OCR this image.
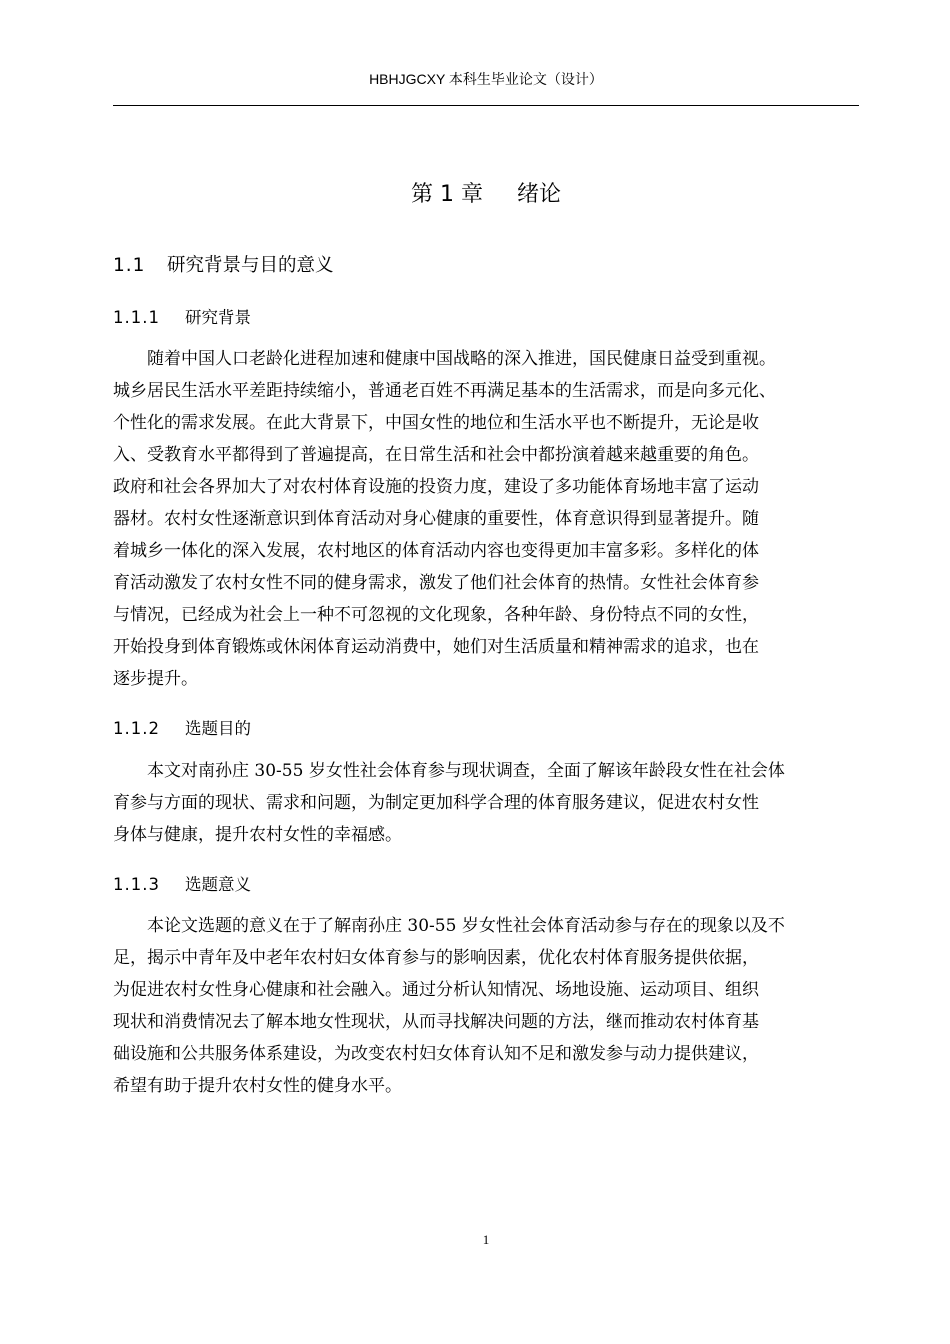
HBHJGCXY 本科生毕业论文（设计）
第 1 章 绪论
1.1 研究背景与目的意义
1.1.1 研究背景
随着中国人口老龄化进程加速和健康中国战略的深入推进，国民健康日益受到重视。
城乡居民生活水平差距持续缩小，普通老百姓不再满足基本的生活需求，而是向多元化、
个性化的需求发展。在此大背景下，中国女性的地位和生活水平也不断提升，无论是收
入、受教育水平都得到了普遍提高，在日常生活和社会中都扮演着越来越重要的角色。
政府和社会各界加大了对农村体育设施的投资力度，建设了多功能体育场地丰富了运动
器材。农村女性逐渐意识到体育活动对身心健康的重要性，体育意识得到显著提升。随
着城乡一体化的深入发展，农村地区的体育活动内容也变得更加丰富多彩。多样化的体
育活动激发了农村女性不同的健身需求，激发了他们社会体育的热情。女性社会体育参
与情况，已经成为社会上一种不可忽视的文化现象，各种年龄、身份特点不同的女性，
开始投身到体育锻炼或休闲体育运动消费中，她们对生活质量和精神需求的追求，也在
逐步提升。
1.1.2 选题目的
本文对南孙庄 30-55 岁女性社会体育参与现状调查，全面了解该年龄段女性在社会体
育参与方面的现状、需求和问题，为制定更加科学合理的体育服务建议，促进农村女性
身体与健康，提升农村女性的幸福感。
1.1.3 选题意义
本论文选题的意义在于了解南孙庄 30-55 岁女性社会体育活动参与存在的现象以及不
足，揭示中青年及中老年农村妇女体育参与的影响因素，优化农村体育服务提供依据，
为促进农村女性身心健康和社会融入。通过分析认知情况、场地设施、运动项目、组织
现状和消费情况去了解本地女性现状，从而寻找解决问题的方法，继而推动农村体育基
础设施和公共服务体系建设，为改变农村妇女体育认知不足和激发参与动力提供建议，
希望有助于提升农村女性的健身水平。
1
